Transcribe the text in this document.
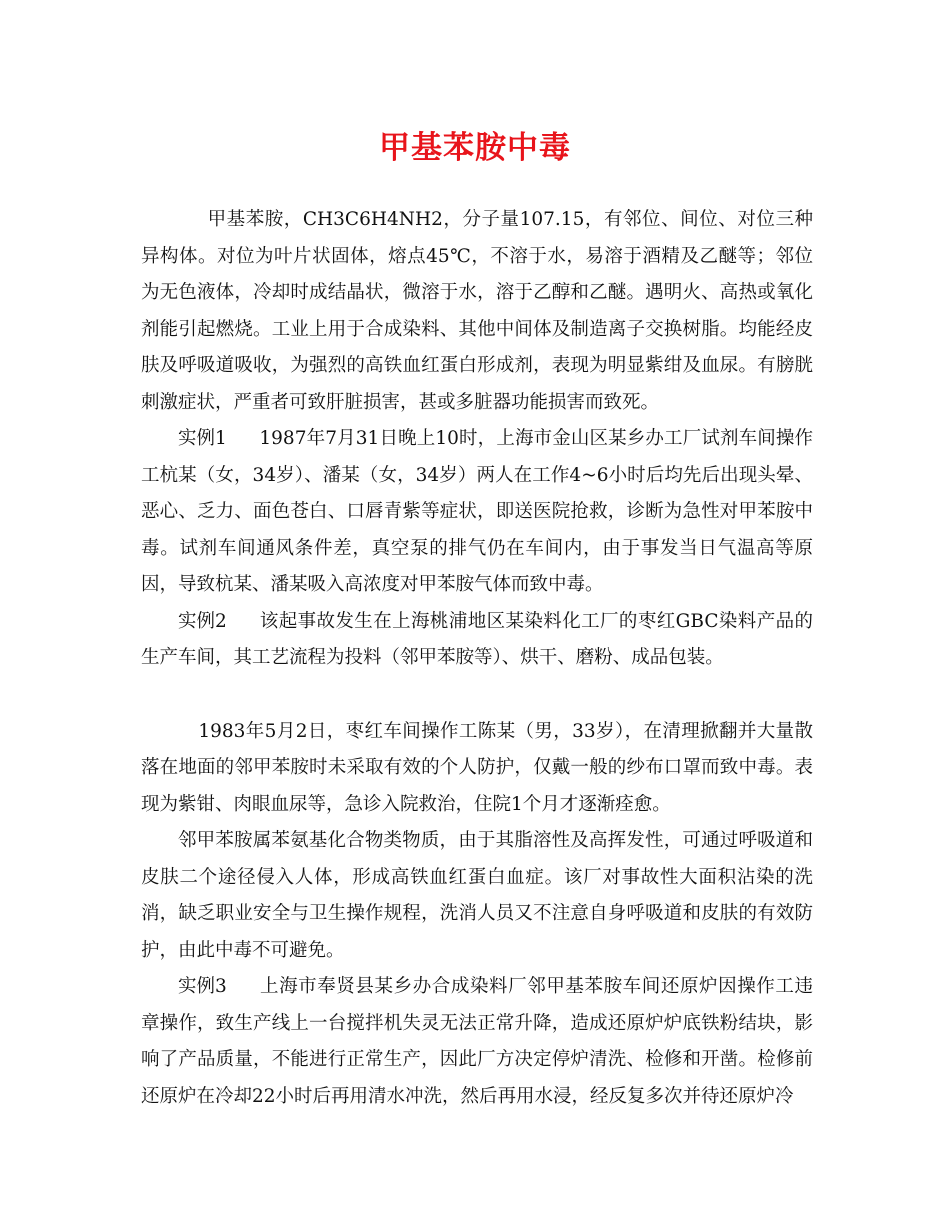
甲基苯胺中毒

甲基苯胺，CH3C6H4NH2，分子量107.15，有邻位、间位、对位三种异构体。对位为叶片状固体，熔点45℃，不溶于水，易溶于酒精及乙醚等；邻位为无色液体，冷却时成结晶状，微溶于水，溶于乙醇和乙醚。遇明火、高热或氧化剂能引起燃烧。工业上用于合成染料、其他中间体及制造离子交换树脂。均能经皮肤及呼吸道吸收，为强烈的高铁血红蛋白形成剂，表现为明显紫绀及血尿。有膀胱刺激症状，严重者可致肝脏损害，甚或多脏器功能损害而致死。

实例1 1987年7月31日晚上10时，上海市金山区某乡办工厂试剂车间操作工杭某（女，34岁）、潘某（女，34岁）两人在工作4~6小时后均先后出现头晕、恶心、乏力、面色苍白、口唇青紫等症状，即送医院抢救，诊断为急性对甲苯胺中毒。试剂车间通风条件差，真空泵的排气仍在车间内，由于事发当日气温高等原因，导致杭某、潘某吸入高浓度对甲苯胺气体而致中毒。

实例2 该起事故发生在上海桃浦地区某染料化工厂的枣红GBC染料产品的生产车间，其工艺流程为投料（邻甲苯胺等）、烘干、磨粉、成品包装。

1983年5月2日，枣红车间操作工陈某（男，33岁），在清理掀翻并大量散落在地面的邻甲苯胺时未采取有效的个人防护，仅戴一般的纱布口罩而致中毒。表现为紫钳、肉眼血尿等，急诊入院救治，住院1个月才逐渐痊愈。

邻甲苯胺属苯氨基化合物类物质，由于其脂溶性及高挥发性，可通过呼吸道和皮肤二个途径侵入人体，形成高铁血红蛋白血症。该厂对事故性大面积沾染的洗消，缺乏职业安全与卫生操作规程，洗消人员又不注意自身呼吸道和皮肤的有效防护，由此中毒不可避免。

实例3 上海市奉贤县某乡办合成染料厂邻甲基苯胺车间还原炉因操作工违章操作，致生产线上一台搅拌机失灵无法正常升降，造成还原炉炉底铁粉结块，影响了产品质量，不能进行正常生产，因此厂方决定停炉清洗、检修和开凿。检修前还原炉在冷却22小时后再用清水冲洗，然后再用水浸，经反复多次并待还原炉冷
